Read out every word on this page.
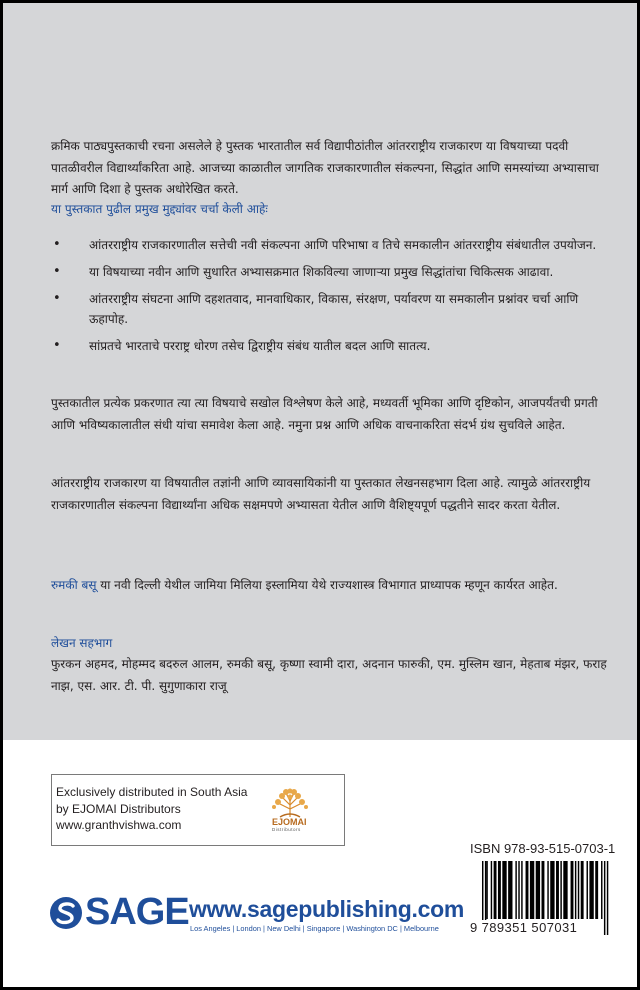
क्रमिक पाठ्यपुस्तकाची रचना असलेले हे पुस्तक भारतातील सर्व विद्यापीठांतील आंतरराष्ट्रीय राजकारण या विषयाच्या पदवी पातळीवरील विद्यार्थ्यांकरिता आहे. आजच्या काळातील जागतिक राजकारणातील संकल्पना, सिद्धांत आणि समस्यांच्या अभ्यासाचा मार्ग आणि दिशा हे पुस्तक अधोरेखित करते.

या पुस्तकात पुढील प्रमुख मुद्द्यांवर चर्चा केली आहेः
• आंतरराष्ट्रीय राजकारणातील सत्तेची नवी संकल्पना आणि परिभाषा व तिचे समकालीन आंतरराष्ट्रीय संबंधातील उपयोजन.
• या विषयाच्या नवीन आणि सुधारित अभ्यासक्रमात शिकविल्या जाणाऱ्या प्रमुख सिद्धांतांचा चिकित्सक आढावा.
• आंतरराष्ट्रीय संघटना आणि दहशतवाद, मानवाधिकार, विकास, संरक्षण, पर्यावरण या समकालीन प्रश्नांवर चर्चा आणि ऊहापोह.
• सांप्रतचे भारताचे परराष्ट्र धोरण तसेच द्विराष्ट्रीय संबंध यातील बदल आणि सातत्य.

पुस्तकातील प्रत्येक प्रकरणात त्या त्या विषयाचे सखोल विश्लेषण केले आहे, मध्यवर्ती भूमिका आणि दृष्टिकोन, आजपर्यंतची प्रगती आणि भविष्यकालातील संधी यांचा समावेश केला आहे. नमुना प्रश्न आणि अधिक वाचनाकरिता संदर्भ ग्रंथ सुचविले आहेत.

आंतरराष्ट्रीय राजकारण या विषयातील तज्ञांनी आणि व्यावसायिकांनी या पुस्तकात लेखनसहभाग दिला आहे. त्यामुळे आंतरराष्ट्रीय राजकारणातील संकल्पना विद्यार्थ्यांना अधिक सक्षमपणे अभ्यासता येतील आणि वैशिष्ट्यपूर्ण पद्धतीने सादर करता येतील.

रुमकी बसू या नवी दिल्ली येथील जामिया मिलिया इस्लामिया येथे राज्यशास्त्र विभागात प्राध्यापक म्हणून कार्यरत आहेत.

लेखन सहभाग

फुरकन अहमद, मोहम्मद बदरुल आलम, रुमकी बसू, कृष्णा स्वामी दारा, अदनान फारुकी, एम. मुस्लिम खान, मेहताब मंझर, फराह नाझ, एस. आर. टी. पी. सुगुणाकारा राजू

Exclusively distributed in South Asia
by EJOMAI Distributors
www.granthvishwa.com	EJOMAI
Distributors
ISBN 978-93-515-0703-1
9 789351 507031
SAGE www.sagepublishing.com
Los Angeles | London | New Delhi | Singapore | Washington DC | Melbourne
